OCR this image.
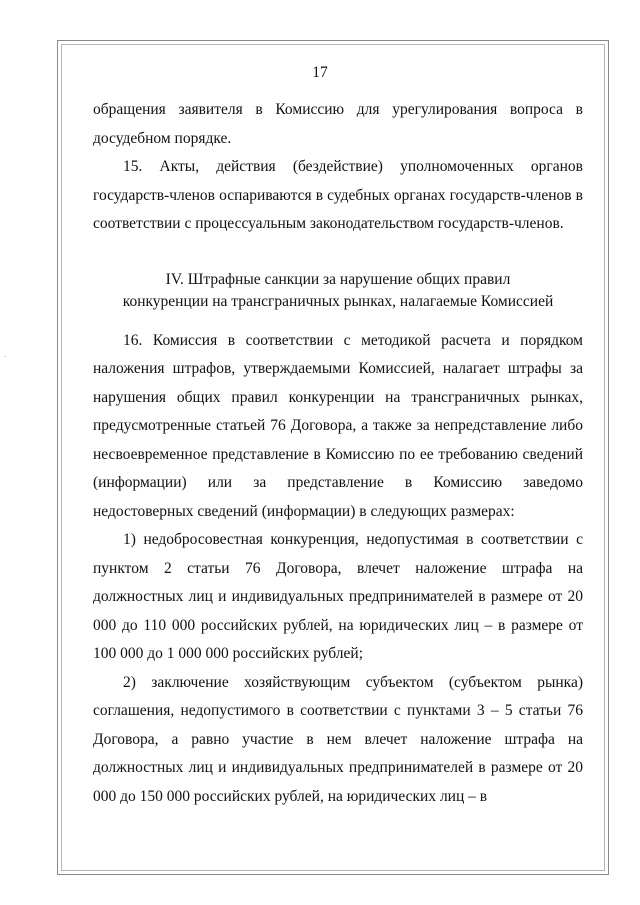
.
17

обращения заявителя в Комиссию для урегулирования вопроса в досудебном порядке.

15. Акты, действия (бездействие) уполномоченных органов государств-членов оспариваются в судебных органах государств-членов в соответствии с процессуальным законодательством государств-членов.

IV. Штрафные санкции за нарушение общих правил
конкуренции на трансграничных рынках, налагаемые Комиссией

16. Комиссия в соответствии с методикой расчета и порядком наложения штрафов, утверждаемыми Комиссией, налагает штрафы за нарушения общих правил конкуренции на трансграничных рынках, предусмотренные статьей 76 Договора, а также за непредставление либо несвоевременное представление в Комиссию по ее требованию сведений (информации) или за представление в Комиссию заведомо недостоверных сведений (информации) в следующих размерах:

1) недобросовестная конкуренция, недопустимая в соответствии с пунктом 2 статьи 76 Договора, влечет наложение штрафа на должностных лиц и индивидуальных предпринимателей в размере от 20 000 до 110 000 российских рублей, на юридических лиц – в размере от 100 000 до 1 000 000 российских рублей;

2) заключение хозяйствующим субъектом (субъектом рынка) соглашения, недопустимого в соответствии с пунктами 3 – 5 статьи 76 Договора, а равно участие в нем влечет наложение штрафа на должностных лиц и индивидуальных предпринимателей в размере от 20 000 до 150 000 российских рублей, на юридических лиц – в
